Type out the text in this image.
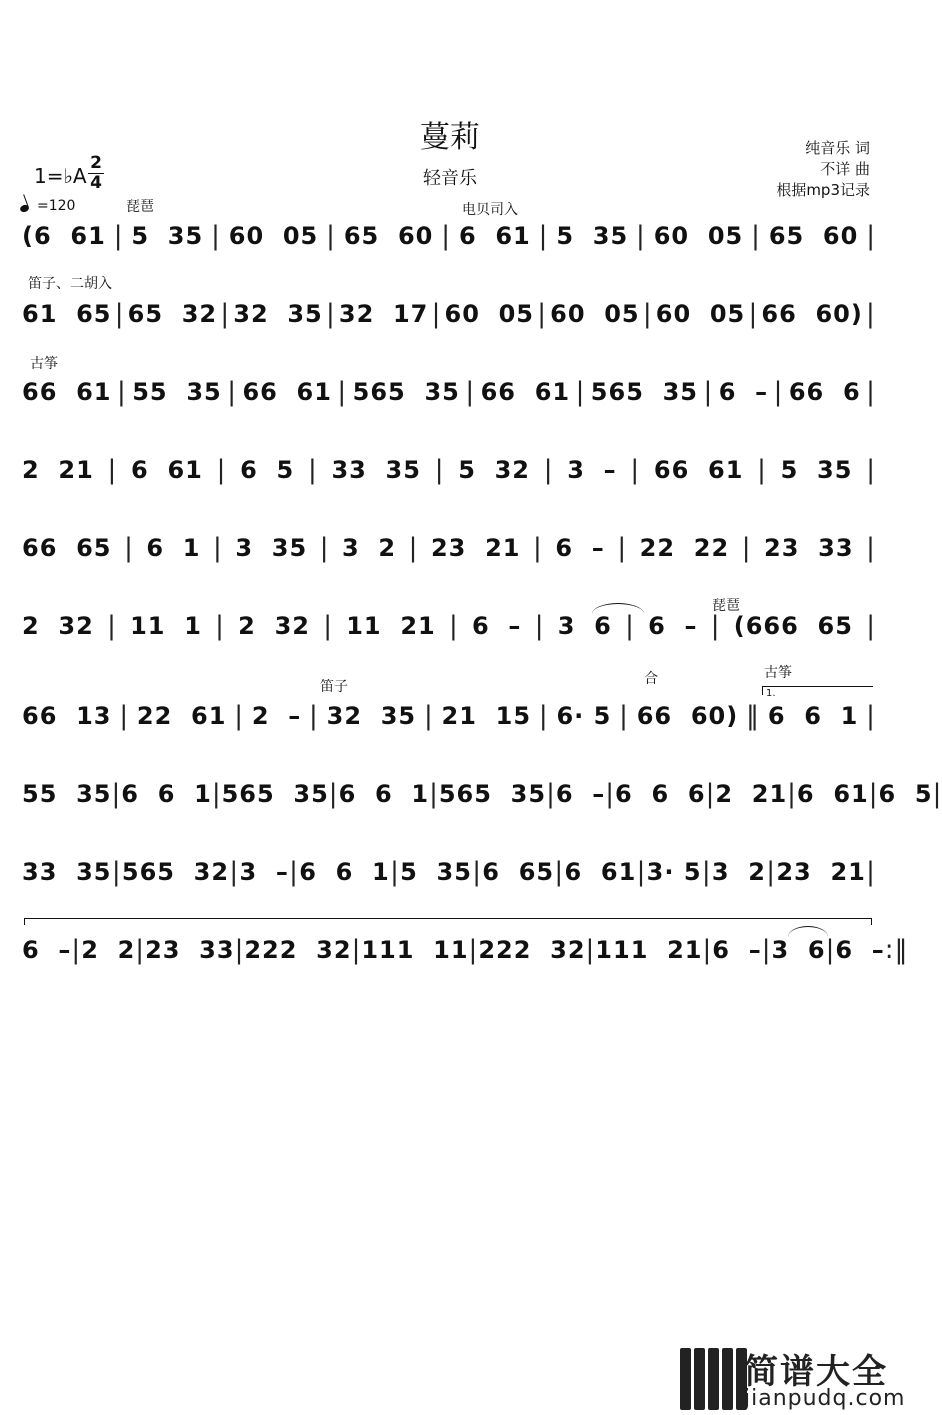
蔓莉
轻音乐
纯音乐 词
不详 曲
根据mp3记录
1=♭A
2
4
=120	琵琶	电贝司入
笛子、二胡入
古筝
琵琶
笛子	合	古筝
1.
(6  61 | 5  35 | 60  05 | 65  60 | 6  61 | 5  35 | 60  05 | 65  60 |
61  65 | 65  32 | 32  35 | 32  17 | 60  05 | 60  05 | 60  05 | 66  60) |
66  61 | 55  35 | 66  61 | 565  35 | 66  61 | 565  35 | 6  – | 66  6 |
2  21 | 6  61 | 6  5 | 33  35 | 5  32 | 3  – | 66  61 | 5  35 |
66  65 | 6  1 | 3  35 | 3  2 | 23  21 | 6  – | 22  22 | 23  33 |
2  32 | 11  1 | 2  32 | 11  21 | 6  – | 3  6 | 6  – | (666  65 |
66  13 | 22  61 | 2  – | 32  35 | 21  15 | 6· 5 | 66  60) ‖ 6  6  1 |
55  35 | 6  6  1 | 565  35 | 6  6  1 | 565  35 | 6  – | 6  6  6 | 2  21 | 6  61 | 6  5 |
33  35 | 565  32 | 3  – | 6  6  1 | 5  35 | 6  65 | 6  61 | 3· 5 | 3  2 | 23  21 |
6  – | 2  2 | 23  33 | 222  32 | 111  11 | 222  32 | 111  21 | 6  – | 3  6 | 6  – :‖
简谱大全
jianpudq.com
